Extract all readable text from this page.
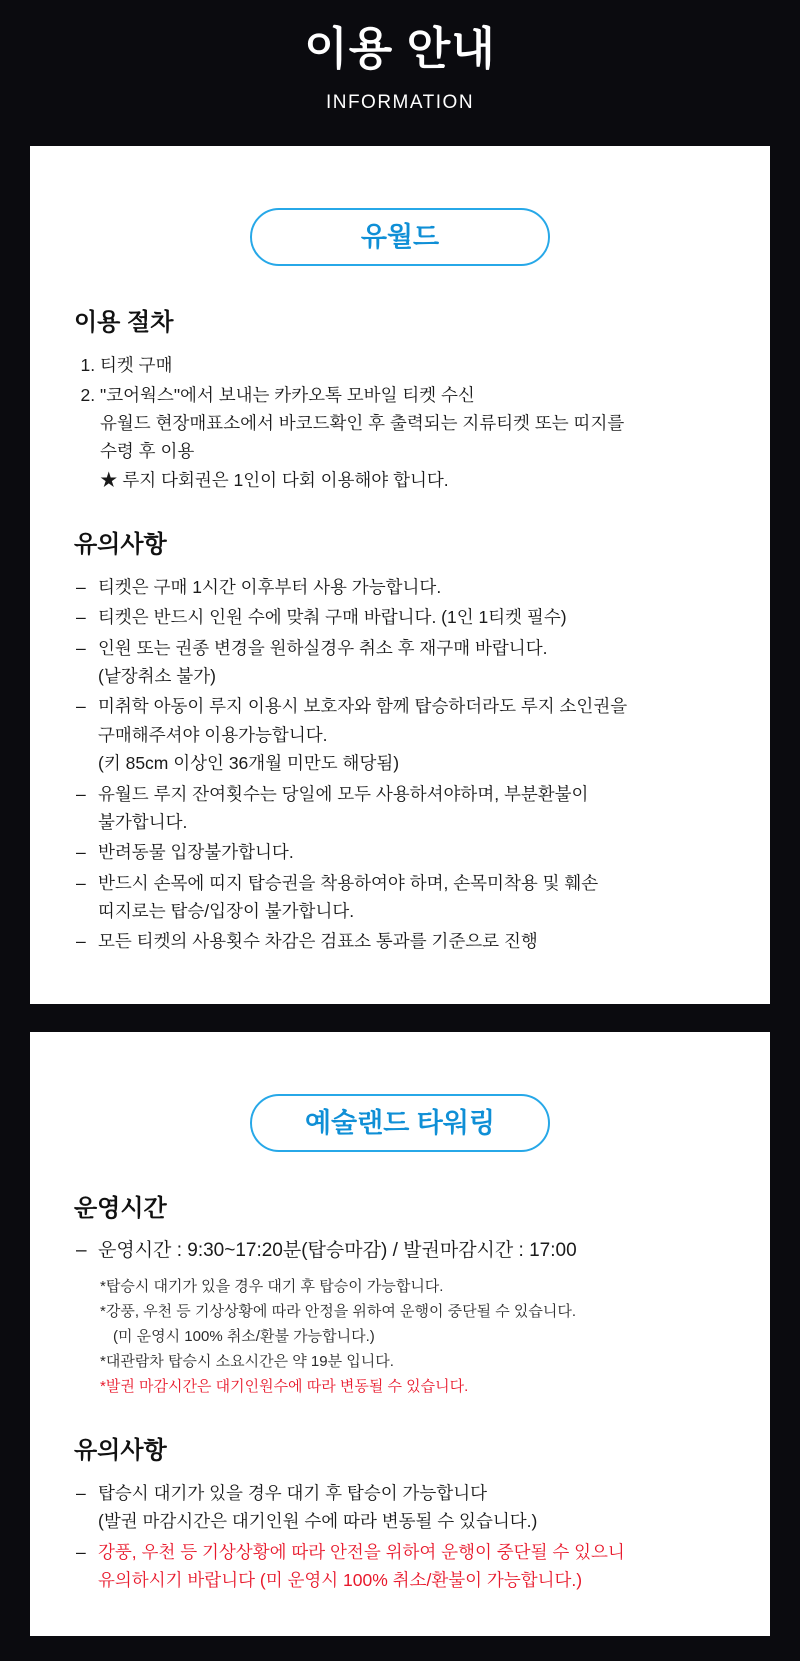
이용 안내
INFORMATION
유월드
이용 절차
1. 티켓 구매
2. "코어웍스"에서 보내는 카카오톡 모바일 티켓 수신
유월드 현장매표소에서 바코드확인 후 출력되는 지류티켓 또는 띠지를
수령 후 이용
★ 루지 다회권은 1인이 다회 이용해야 합니다.
유의사항
– 티켓은 구매 1시간 이후부터 사용 가능합니다.
– 티켓은 반드시 인원 수에 맞춰 구매 바랍니다. (1인 1티켓 필수)
– 인원 또는 권종 변경을 원하실경우 취소 후 재구매 바랍니다.
(낱장취소 불가)
– 미취학 아동이 루지 이용시 보호자와 함께 탑승하더라도 루지 소인권을
구매해주셔야 이용가능합니다.
(키 85cm 이상인 36개월 미만도 해당됨)
– 유월드 루지 잔여횟수는 당일에 모두 사용하셔야하며, 부분환불이
불가합니다.
– 반려동물 입장불가합니다.
– 반드시 손목에 띠지 탑승권을 착용하여야 하며, 손목미착용 및 훼손
띠지로는 탑승/입장이 불가합니다.
– 모든 티켓의 사용횟수 차감은 검표소 통과를 기준으로 진행
예술랜드 타워링
운영시간
– 운영시간 : 9:30~17:20분(탑승마감) / 발권마감시간 : 17:00
*탑승시 대기가 있을 경우 대기 후 탑승이 가능합니다.
*강풍, 우천 등 기상상황에 따라 안정을 위하여 운행이 중단될 수 있습니다.
(미 운영시 100% 취소/환불 가능합니다.)
*대관람차 탑승시 소요시간은 약 19분 입니다.
*발권 마감시간은 대기인원수에 따라 변동될 수 있습니다.
유의사항
– 탑승시 대기가 있을 경우 대기 후 탑승이 가능합니다
(발권 마감시간은 대기인원 수에 따라 변동될 수 있습니다.)
– 강풍, 우천 등 기상상황에 따라 안전을 위하여 운행이 중단될 수 있으니
유의하시기 바랍니다 (미 운영시 100% 취소/환불이 가능합니다.)
